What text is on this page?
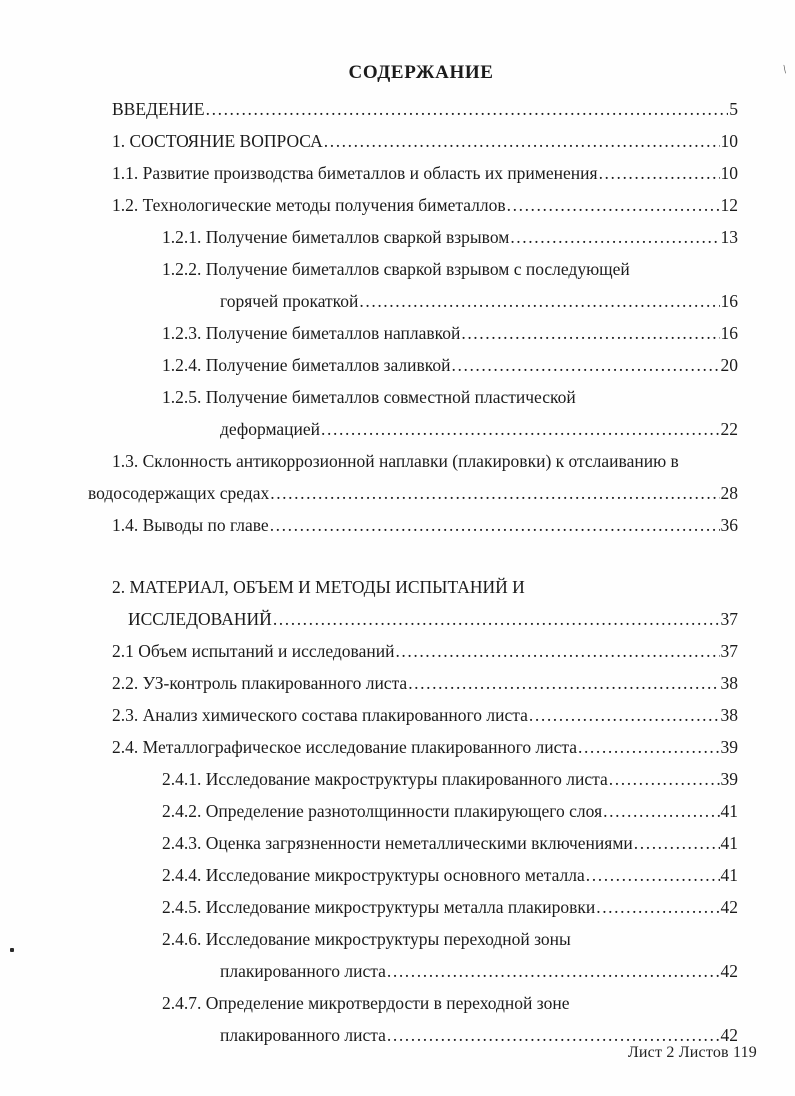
\
СОДЕРЖАНИЕ
ВВЕДЕНИЕ .....	5
1. СОСТОЯНИЕ ВОПРОСА .....	10
1.1. Развитие производства биметаллов и область их применения .....	10
1.2. Технологические методы получения биметаллов .....	12
1.2.1. Получение биметаллов сваркой взрывом .....	13
1.2.2. Получение биметаллов сваркой взрывом с последующей
горячей прокаткой .....	16
1.2.3. Получение биметаллов наплавкой .....	16
1.2.4. Получение биметаллов заливкой .....	20
1.2.5. Получение биметаллов совместной пластической
деформацией .....	22
1.3. Склонность антикоррозионной наплавки (плакировки) к отслаиванию в
водосодержащих средах .....	28
1.4. Выводы по главе .....	36
2. МАТЕРИАЛ, ОБЪЕМ И МЕТОДЫ ИСПЫТАНИЙ И
ИССЛЕДОВАНИЙ .....	37
2.1 Объем испытаний и исследований .....	37
2.2. УЗ-контроль плакированного листа .....	38
2.3. Анализ химического состава плакированного листа .....	38
2.4. Металлографическое исследование плакированного листа .....	39
2.4.1. Исследование макроструктуры плакированного листа .....	39
2.4.2. Определение разнотолщинности плакирующего слоя .....	41
2.4.3. Оценка загрязненности неметаллическими включениями .....	41
2.4.4. Исследование микроструктуры основного металла .....	41
2.4.5. Исследование микроструктуры металла плакировки .....	42
2.4.6. Исследование микроструктуры переходной зоны
плакированного листа .....	42
2.4.7. Определение микротвердости в переходной зоне
плакированного листа .....	42
Лист 2 Листов 119
